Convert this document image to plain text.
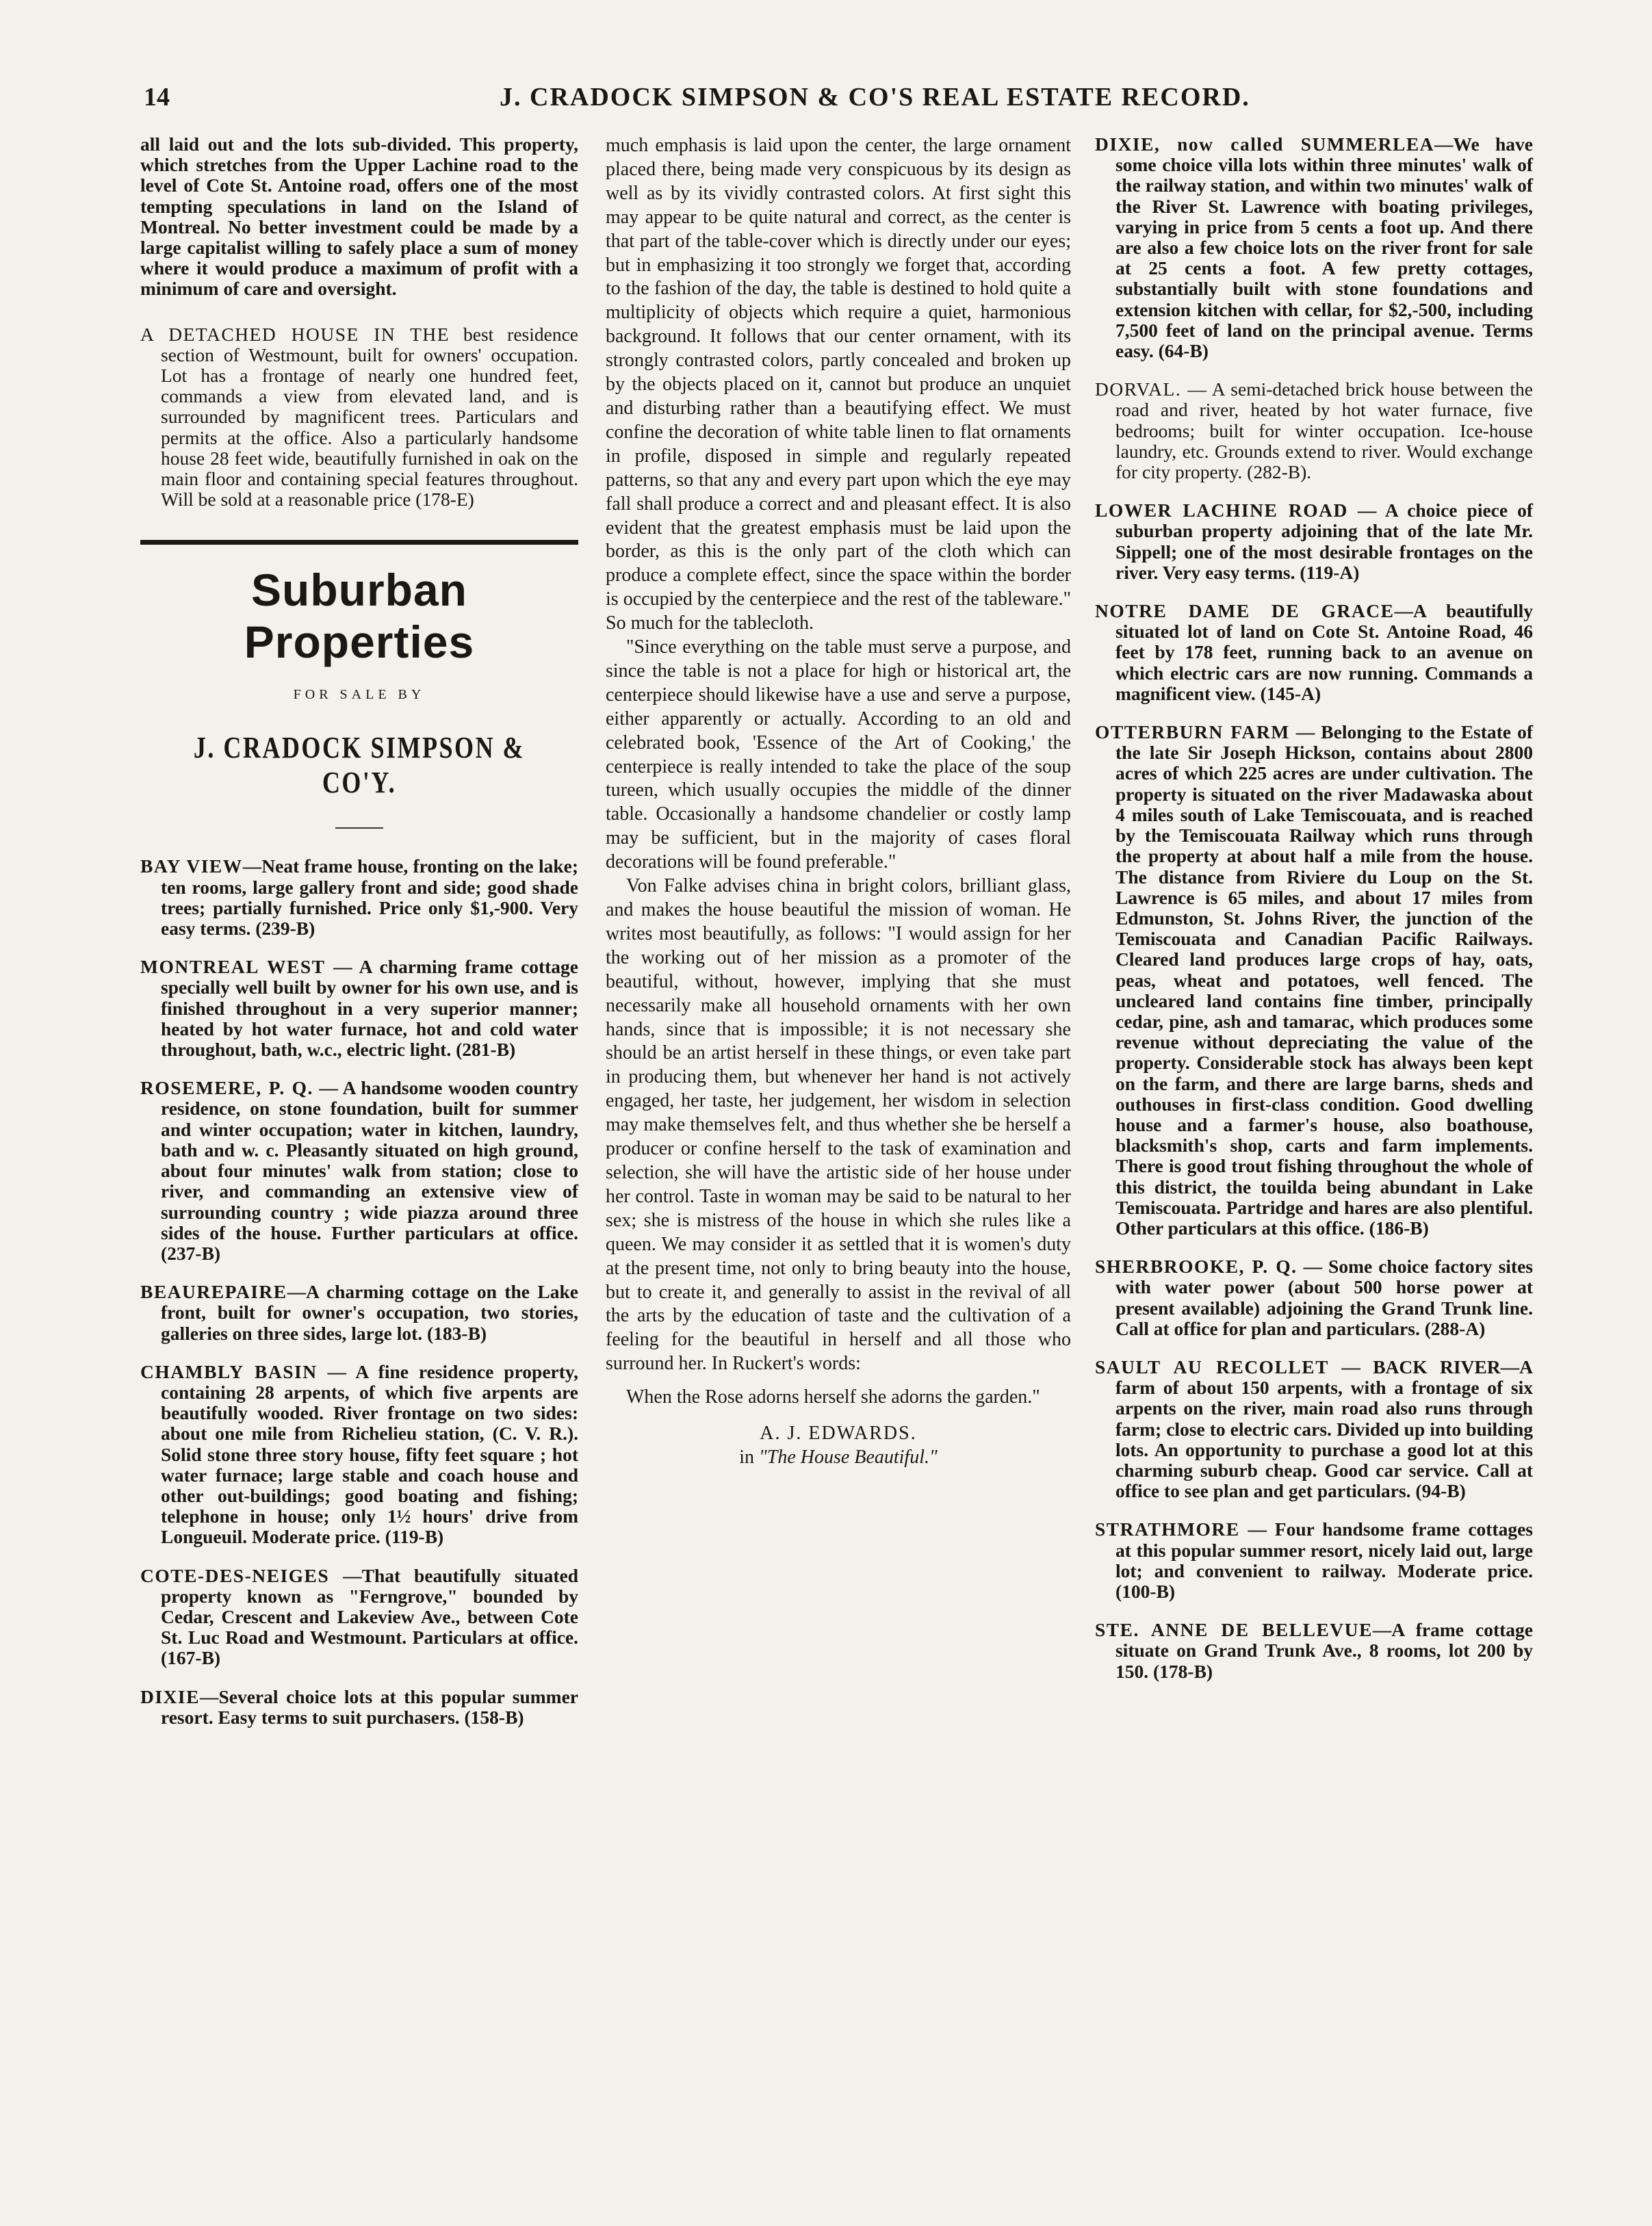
14	J. CRADOCK SIMPSON & CO'S REAL ESTATE RECORD.

all laid out and the lots sub-divided. This property, which stretches from the Upper Lachine road to the level of Cote St. Antoine road, offers one of the most tempting speculations in land on the Island of Montreal. No better investment could be made by a large capitalist willing to safely place a sum of money where it would produce a maximum of profit with a minimum of care and oversight.

A DETACHED HOUSE IN THE best residence section of Westmount, built for owners' occupation. Lot has a frontage of nearly one hundred feet, commands a view from elevated land, and is surrounded by magnificent trees. Particulars and permits at the office. Also a particularly handsome house 28 feet wide, beautifully furnished in oak on the main floor and containing special features throughout. Will be sold at a reasonable price (178-E)

Suburban Properties
FOR SALE BY
J. CRADOCK SIMPSON & CO'Y.

BAY VIEW—Neat frame house, fronting on the lake; ten rooms, large gallery front and side; good shade trees; partially furnished. Price only $1,-900. Very easy terms. (239-B)

MONTREAL WEST — A charming frame cottage specially well built by owner for his own use, and is finished throughout in a very superior manner; heated by hot water furnace, hot and cold water throughout, bath, w.c., electric light. (281-B)

ROSEMERE, P. Q. — A handsome wooden country residence, on stone foundation, built for summer and winter occupation; water in kitchen, laundry, bath and w. c. Pleasantly situated on high ground, about four minutes' walk from station; close to river, and commanding an extensive view of surrounding country ; wide piazza around three sides of the house. Further particulars at office. (237-B)

BEAUREPAIRE—A charming cottage on the Lake front, built for owner's occupation, two stories, galleries on three sides, large lot. (183-B)

CHAMBLY BASIN — A fine residence property, containing 28 arpents, of which five arpents are beautifully wooded. River frontage on two sides: about one mile from Richelieu station, (C. V. R.). Solid stone three story house, fifty feet square ; hot water furnace; large stable and coach house and other out-buildings; good boating and fishing; telephone in house; only 1½ hours' drive from Longueuil. Moderate price. (119-B)

COTE-DES-NEIGES —That beautifully situated property known as "Ferngrove," bounded by Cedar, Crescent and Lakeview Ave., between Cote St. Luc Road and Westmount. Particulars at office. (167-B)

DIXIE—Several choice lots at this popular summer resort. Easy terms to suit purchasers. (158-B)

much emphasis is laid upon the center, the large ornament placed there, being made very conspicuous by its design as well as by its vividly contrasted colors. At first sight this may appear to be quite natural and correct, as the center is that part of the table-cover which is directly under our eyes; but in emphasizing it too strongly we forget that, according to the fashion of the day, the table is destined to hold quite a multiplicity of objects which require a quiet, harmonious background. It follows that our center ornament, with its strongly contrasted colors, partly concealed and broken up by the objects placed on it, cannot but produce an unquiet and disturbing rather than a beautifying effect. We must confine the decoration of white table linen to flat ornaments in profile, disposed in simple and regularly repeated patterns, so that any and every part upon which the eye may fall shall produce a correct and and pleasant effect. It is also evident that the greatest emphasis must be laid upon the border, as this is the only part of the cloth which can produce a complete effect, since the space within the border is occupied by the centerpiece and the rest of the tableware." So much for the tablecloth.

"Since everything on the table must serve a purpose, and since the table is not a place for high or historical art, the centerpiece should likewise have a use and serve a purpose, either apparently or actually. According to an old and celebrated book, 'Essence of the Art of Cooking,' the centerpiece is really intended to take the place of the soup tureen, which usually occupies the middle of the dinner table. Occasionally a handsome chandelier or costly lamp may be sufficient, but in the majority of cases floral decorations will be found preferable."

Von Falke advises china in bright colors, brilliant glass, and makes the house beautiful the mission of woman. He writes most beautifully, as follows: "I would assign for her the working out of her mission as a promoter of the beautiful, without, however, implying that she must necessarily make all household ornaments with her own hands, since that is impossible; it is not necessary she should be an artist herself in these things, or even take part in producing them, but whenever her hand is not actively engaged, her taste, her judgement, her wisdom in selection may make themselves felt, and thus whether she be herself a producer or confine herself to the task of examination and selection, she will have the artistic side of her house under her control. Taste in woman may be said to be natural to her sex; she is mistress of the house in which she rules like a queen. We may consider it as settled that it is women's duty at the present time, not only to bring beauty into the house, but to create it, and generally to assist in the revival of all the arts by the education of taste and the cultivation of a feeling for the beautiful in herself and all those who surround her. In Ruckert's words:

When the Rose adorns herself she adorns the garden."

A. J. EDWARDS.
in "The House Beautiful."

DIXIE, now called SUMMERLEA—We have some choice villa lots within three minutes' walk of the railway station, and within two minutes' walk of the River St. Lawrence with boating privileges, varying in price from 5 cents a foot up. And there are also a few choice lots on the river front for sale at 25 cents a foot. A few pretty cottages, substantially built with stone foundations and extension kitchen with cellar, for $2,-500, including 7,500 feet of land on the principal avenue. Terms easy. (64-B)

DORVAL. — A semi-detached brick house between the road and river, heated by hot water furnace, five bedrooms; built for winter occupation. Ice-house laundry, etc. Grounds extend to river. Would exchange for city property. (282-B).

LOWER LACHINE ROAD — A choice piece of suburban property adjoining that of the late Mr. Sippell; one of the most desirable frontages on the river. Very easy terms. (119-A)

NOTRE DAME DE GRACE—A beautifully situated lot of land on Cote St. Antoine Road, 46 feet by 178 feet, running back to an avenue on which electric cars are now running. Commands a magnificent view. (145-A)

OTTERBURN FARM — Belonging to the Estate of the late Sir Joseph Hickson, contains about 2800 acres of which 225 acres are under cultivation. The property is situated on the river Madawaska about 4 miles south of Lake Temiscouata, and is reached by the Temiscouata Railway which runs through the property at about half a mile from the house. The distance from Riviere du Loup on the St. Lawrence is 65 miles, and about 17 miles from Edmunston, St. Johns River, the junction of the Temiscouata and Canadian Pacific Railways. Cleared land produces large crops of hay, oats, peas, wheat and potatoes, well fenced. The uncleared land contains fine timber, principally cedar, pine, ash and tamarac, which produces some revenue without depreciating the value of the property. Considerable stock has always been kept on the farm, and there are large barns, sheds and outhouses in first-class condition. Good dwelling house and a farmer's house, also boathouse, blacksmith's shop, carts and farm implements. There is good trout fishing throughout the whole of this district, the touilda being abundant in Lake Temiscouata. Partridge and hares are also plentiful. Other particulars at this office. (186-B)

SHERBROOKE, P. Q. — Some choice factory sites with water power (about 500 horse power at present available) adjoining the Grand Trunk line. Call at office for plan and particulars. (288-A)

SAULT AU RECOLLET — BACK RIVER—A farm of about 150 arpents, with a frontage of six arpents on the river, main road also runs through farm; close to electric cars. Divided up into building lots. An opportunity to purchase a good lot at this charming suburb cheap. Good car service. Call at office to see plan and get particulars. (94-B)

STRATHMORE — Four handsome frame cottages at this popular summer resort, nicely laid out, large lot; and convenient to railway. Moderate price. (100-B)

STE. ANNE DE BELLEVUE—A frame cottage situate on Grand Trunk Ave., 8 rooms, lot 200 by 150. (178-B)
